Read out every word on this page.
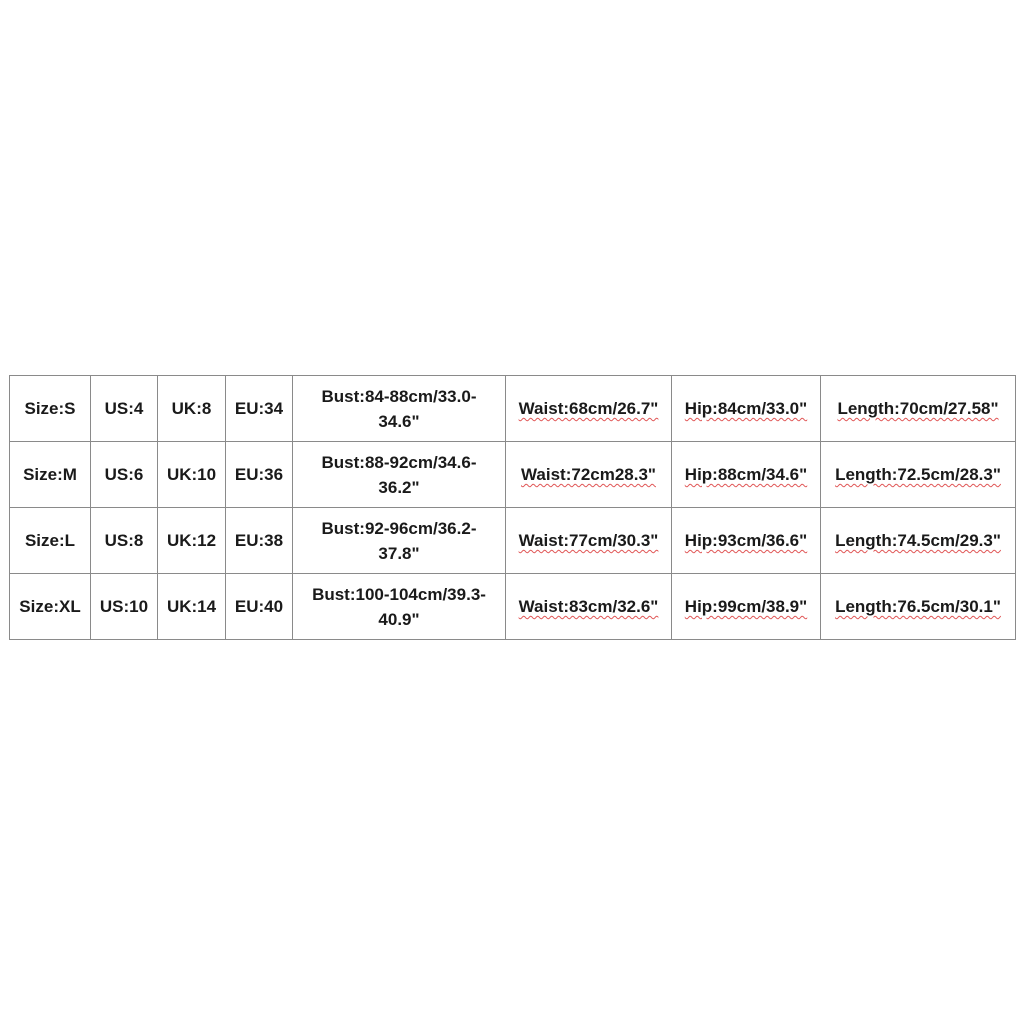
Size:S	US:4	UK:8	EU:34	Bust:84-88cm/33.0-
34.6"	Waist:68cm/26.7"	Hip:84cm/33.0"	Length:70cm/27.58"
Size:M	US:6	UK:10	EU:36	Bust:88-92cm/34.6-
36.2"	Waist:72cm28.3"	Hip:88cm/34.6"	Length:72.5cm/28.3"
Size:L	US:8	UK:12	EU:38	Bust:92-96cm/36.2-
37.8"	Waist:77cm/30.3"	Hip:93cm/36.6"	Length:74.5cm/29.3"
Size:XL	US:10	UK:14	EU:40	Bust:100-104cm/39.3-
40.9"	Waist:83cm/32.6"	Hip:99cm/38.9"	Length:76.5cm/30.1"
